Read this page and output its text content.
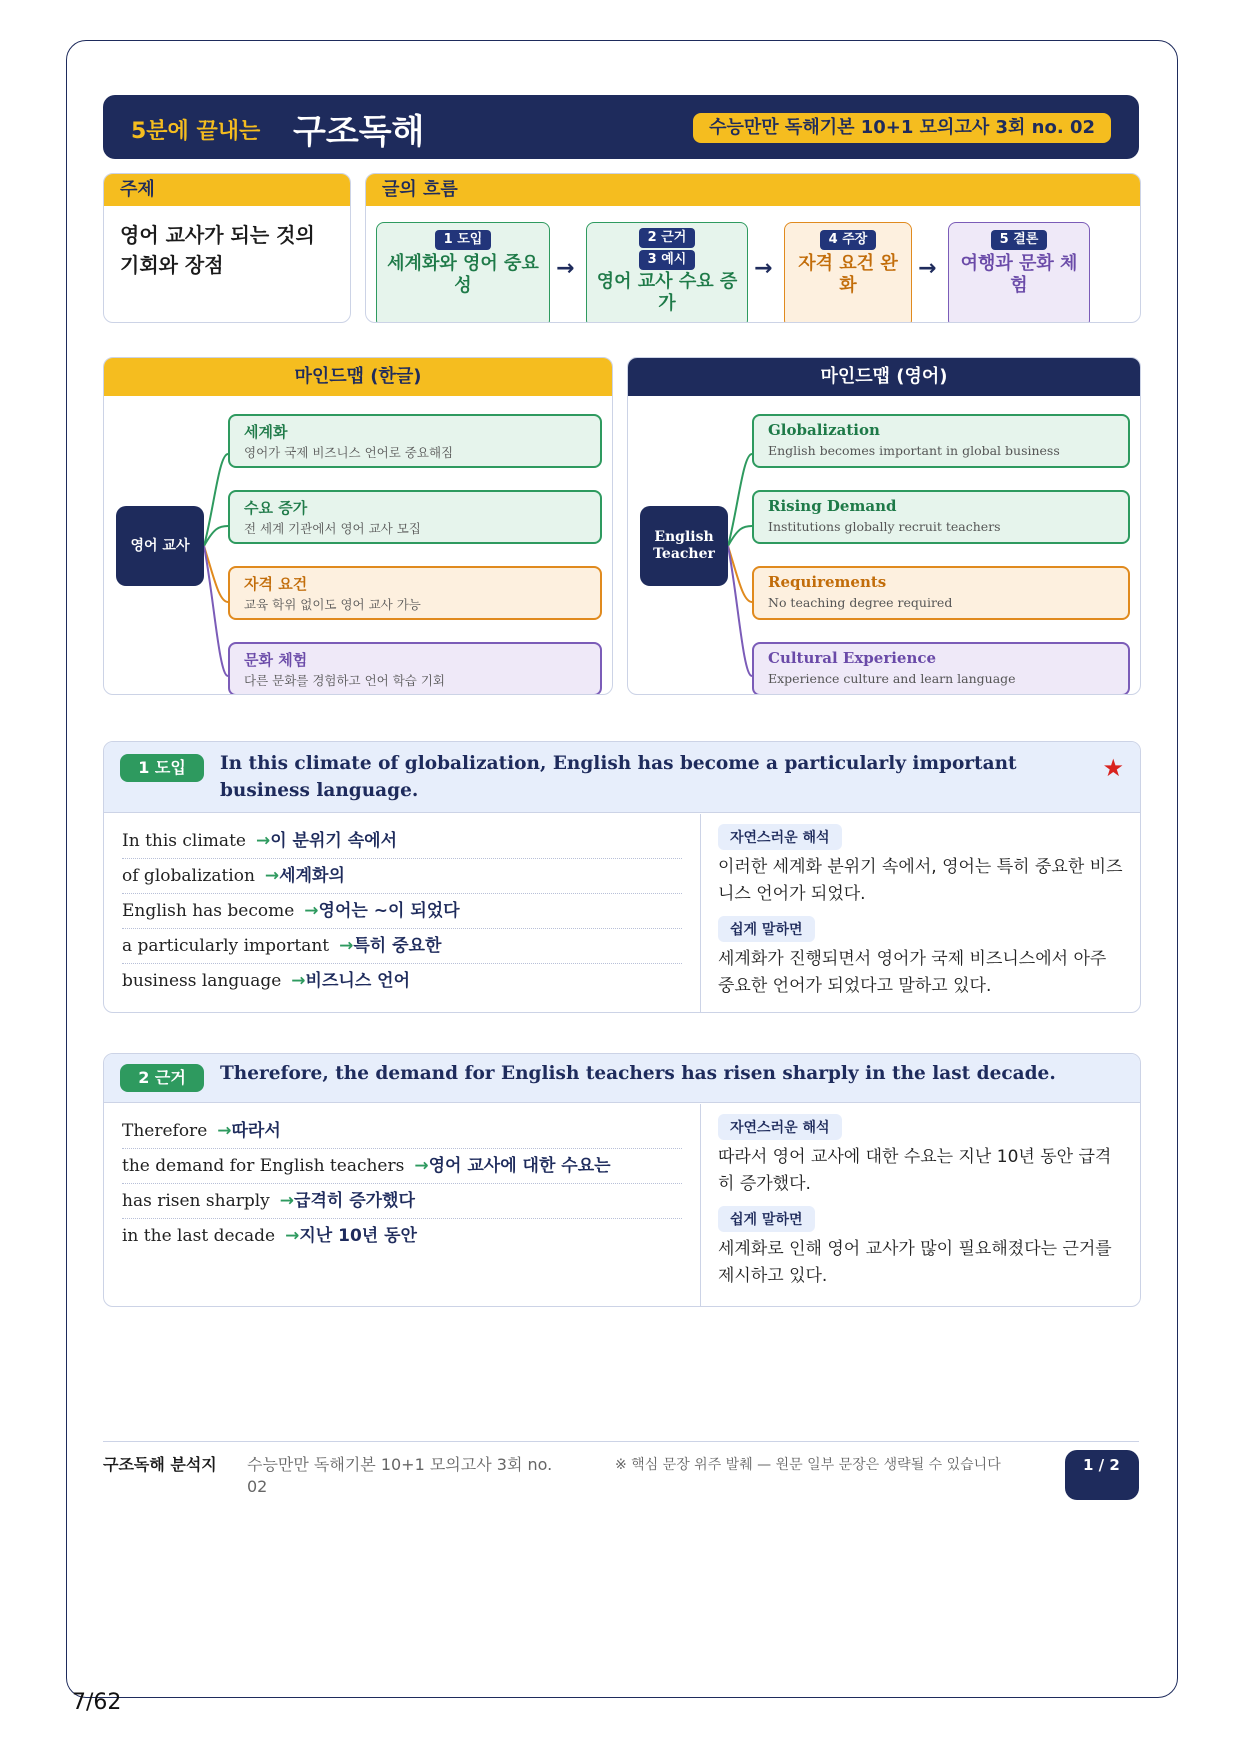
5분에 끝내는 구조독해	수능만만 독해기본 10+1 모의고사 3회 no. 02
주제
영어 교사가 되는 것의 기회와 장점
글의 흐름
1 도입
세계화와 영어 중요성
→
2 근거
3 예시
영어 교사 수요 증가
→
4 주장
자격 요건 완화
→
5 결론
여행과 문화 체험
마인드맵 (한글)
영어 교사
세계화
영어가 국제 비즈니스 언어로 중요해짐
수요 증가
전 세계 기관에서 영어 교사 모집
자격 요건
교육 학위 없이도 영어 교사 가능
문화 체험
다른 문화를 경험하고 언어 학습 기회
마인드맵 (영어)
English Teacher
Globalization
English becomes important in global business
Rising Demand
Institutions globally recruit teachers
Requirements
No teaching degree required
Cultural Experience
Experience culture and learn language
1 도입	In this climate of globalization, English has become a particularly important business language.
★
In this climate →이 분위기 속에서
of globalization →세계화의
English has become →영어는 ~이 되었다
a particularly important →특히 중요한
business language →비즈니스 언어
자연스러운 해석
이러한 세계화 분위기 속에서, 영어는 특히 중요한 비즈니스 언어가 되었다.
쉽게 말하면
세계화가 진행되면서 영어가 국제 비즈니스에서 아주 중요한 언어가 되었다고 말하고 있다.
2 근거	Therefore, the demand for English teachers has risen sharply in the last decade.
Therefore →따라서
the demand for English teachers →영어 교사에 대한 수요는
has risen sharply →급격히 증가했다
in the last decade →지난 10년 동안
자연스러운 해석
따라서 영어 교사에 대한 수요는 지난 10년 동안 급격히 증가했다.
쉽게 말하면
세계화로 인해 영어 교사가 많이 필요해졌다는 근거를 제시하고 있다.
구조독해 분석지 수능만만 독해기본 10+1 모의고사 3회 no. 02
※ 핵심 문장 위주 발췌 — 원문 일부 문장은 생략될 수 있습니다	1 / 2
7/62
